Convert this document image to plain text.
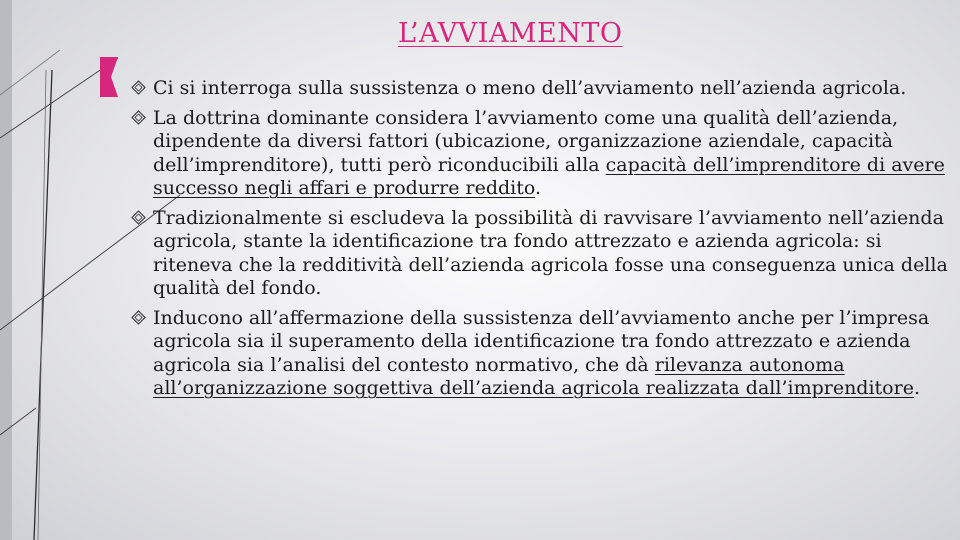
L’AVVIAMENTO
Ci si interroga sulla sussistenza o meno dell’avviamento nell’azienda agricola.
La dottrina dominante considera l’avviamento come una qualità dell’azienda, dipendente da diversi fattori (ubicazione, organizzazione aziendale, capacità dell’imprenditore), tutti però riconducibili alla capacità dell’imprenditore di avere successo negli affari e produrre reddito.
Tradizionalmente si escludeva la possibilità di ravvisare l’avviamento nell’azienda agricola, stante la identificazione tra fondo attrezzato e azienda agricola: si riteneva che la redditività dell’azienda agricola fosse una conseguenza unica della qualità del fondo.
Inducono all’affermazione della sussistenza dell’avviamento anche per l’impresa agricola sia il superamento della identificazione tra fondo attrezzato e azienda agricola sia l’analisi del contesto normativo, che dà rilevanza autonoma all’organizzazione soggettiva dell’azienda agricola realizzata dall’imprenditore.
